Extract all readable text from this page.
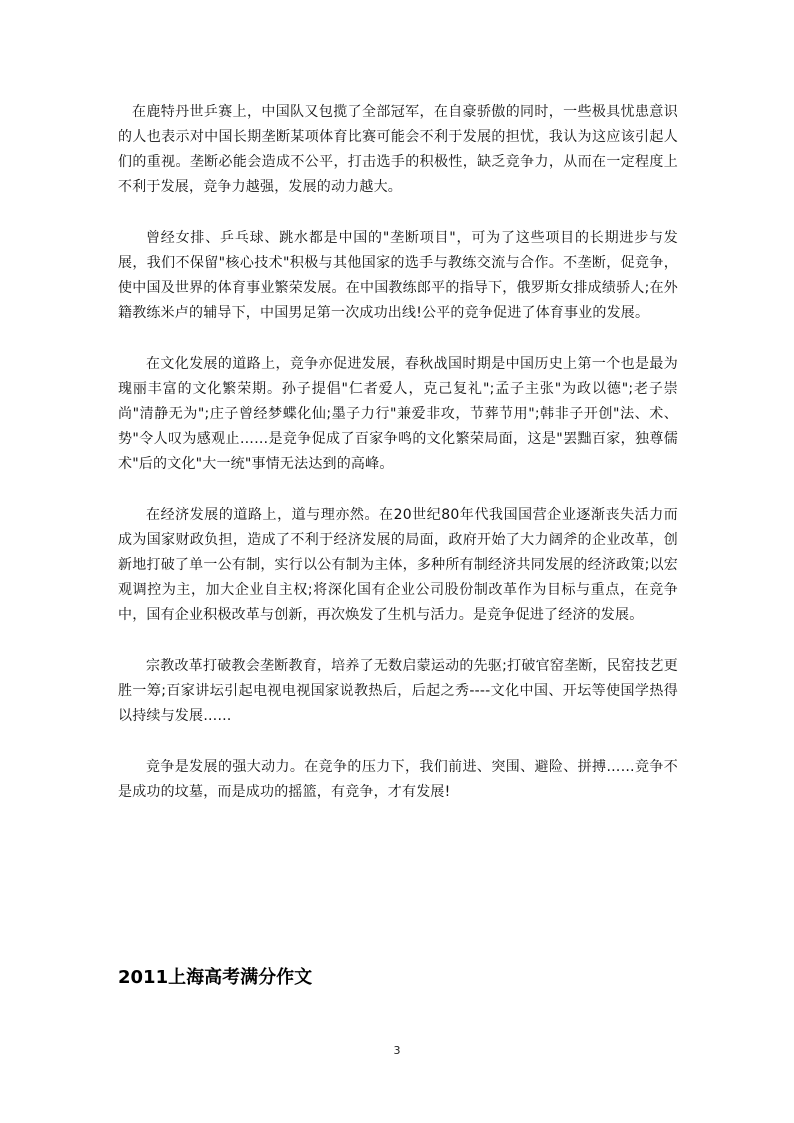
在鹿特丹世乒赛上，中国队又包揽了全部冠军，在自豪骄傲的同时，一些极具忧患意识的人也表示对中国长期垄断某项体育比赛可能会不利于发展的担忧，我认为这应该引起人们的重视。垄断必能会造成不公平，打击选手的积极性，缺乏竞争力，从而在一定程度上不利于发展，竞争力越强，发展的动力越大。

曾经女排、乒乓球、跳水都是中国的"垄断项目"，可为了这些项目的长期进步与发展，我们不保留"核心技术"积极与其他国家的选手与教练交流与合作。不垄断，促竞争，使中国及世界的体育事业繁荣发展。在中国教练郎平的指导下，俄罗斯女排成绩骄人;在外籍教练米卢的辅导下，中国男足第一次成功出线!公平的竞争促进了体育事业的发展。

在文化发展的道路上，竞争亦促进发展，春秋战国时期是中国历史上第一个也是最为瑰丽丰富的文化繁荣期。孙子提倡"仁者爱人，克己复礼";孟子主张"为政以德";老子崇尚"清静无为";庄子曾经梦蝶化仙;墨子力行"兼爱非攻，节葬节用";韩非子开创"法、术、势"令人叹为感观止……是竞争促成了百家争鸣的文化繁荣局面，这是"罢黜百家，独尊儒术"后的文化"大一统"事情无法达到的高峰。

在经济发展的道路上，道与理亦然。在20世纪80年代我国国营企业逐渐丧失活力而成为国家财政负担，造成了不利于经济发展的局面，政府开始了大力阔斧的企业改革，创新地打破了单一公有制，实行以公有制为主体，多种所有制经济共同发展的经济政策;以宏观调控为主，加大企业自主权;将深化国有企业公司股份制改革作为目标与重点，在竞争中，国有企业积极改革与创新，再次焕发了生机与活力。是竞争促进了经济的发展。

宗教改革打破教会垄断教育，培养了无数启蒙运动的先驱;打破官窑垄断，民窑技艺更胜一筹;百家讲坛引起电视电视国家说教热后，后起之秀----文化中国、开坛等使国学热得以持续与发展……

竞争是发展的强大动力。在竞争的压力下，我们前进、突围、避险、拼搏……竞争不是成功的坟墓，而是成功的摇篮，有竞争，才有发展!

2011上海高考满分作文
3
